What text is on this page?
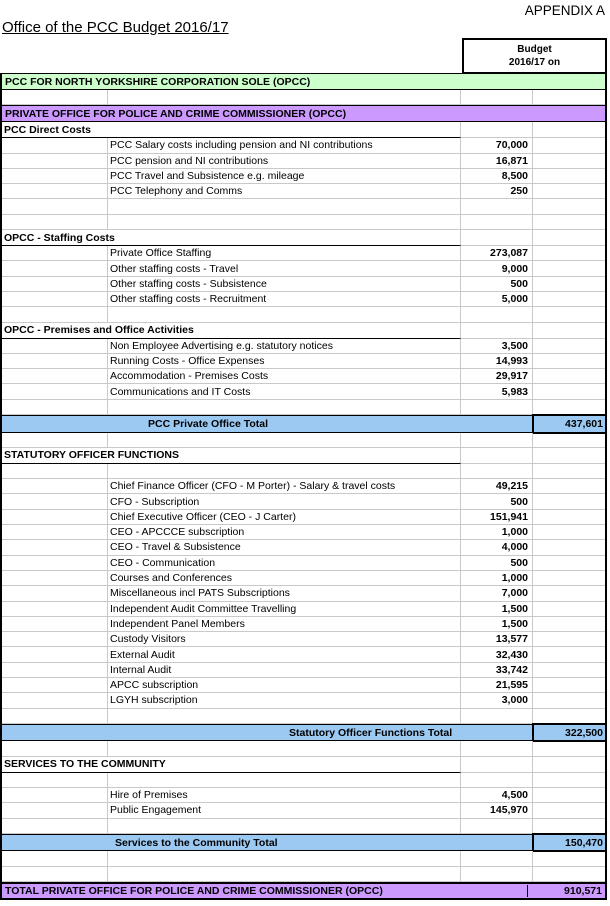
APPENDIX A
Office of the PCC Budget 2016/17
Budget
2016/17 on
PCC FOR NORTH YORKSHIRE CORPORATION SOLE (OPCC)
PRIVATE OFFICE FOR POLICE AND CRIME COMMISSIONER (OPCC)
PCC Direct Costs
PCC Salary costs including pension and NI contributions	70,000
PCC pension and NI contributions	16,871
PCC Travel and Subsistence e.g. mileage	8,500
PCC Telephony and Comms	250
OPCC - Staffing Costs
Private Office Staffing	273,087
Other staffing costs - Travel	9,000
Other staffing costs - Subsistence	500
Other staffing costs - Recruitment	5,000
OPCC - Premises and Office Activities
Non Employee Advertising e.g. statutory notices	3,500
Running Costs - Office Expenses	14,993
Accommodation - Premises Costs	29,917
Communications and IT Costs	5,983
PCC Private Office Total	437,601
STATUTORY OFFICER FUNCTIONS
Chief Finance Officer (CFO - M Porter) - Salary & travel costs	49,215
CFO - Subscription	500
Chief Executive Officer (CEO - J Carter)	151,941
CEO - APCCCE subscription	1,000
CEO - Travel & Subsistence	4,000
CEO - Communication	500
Courses and Conferences	1,000
Miscellaneous incl PATS Subscriptions	7,000
Independent Audit Committee Travelling	1,500
Independent Panel Members	1,500
Custody Visitors	13,577
External Audit	32,430
Internal Audit	33,742
APCC subscription	21,595
LGYH subscription	3,000
Statutory Officer Functions Total	322,500
SERVICES TO THE COMMUNITY
Hire of Premises	4,500
Public Engagement	145,970
Services to the Community Total	150,470
TOTAL PRIVATE OFFICE FOR POLICE AND CRIME COMMISSIONER (OPCC)	910,571
